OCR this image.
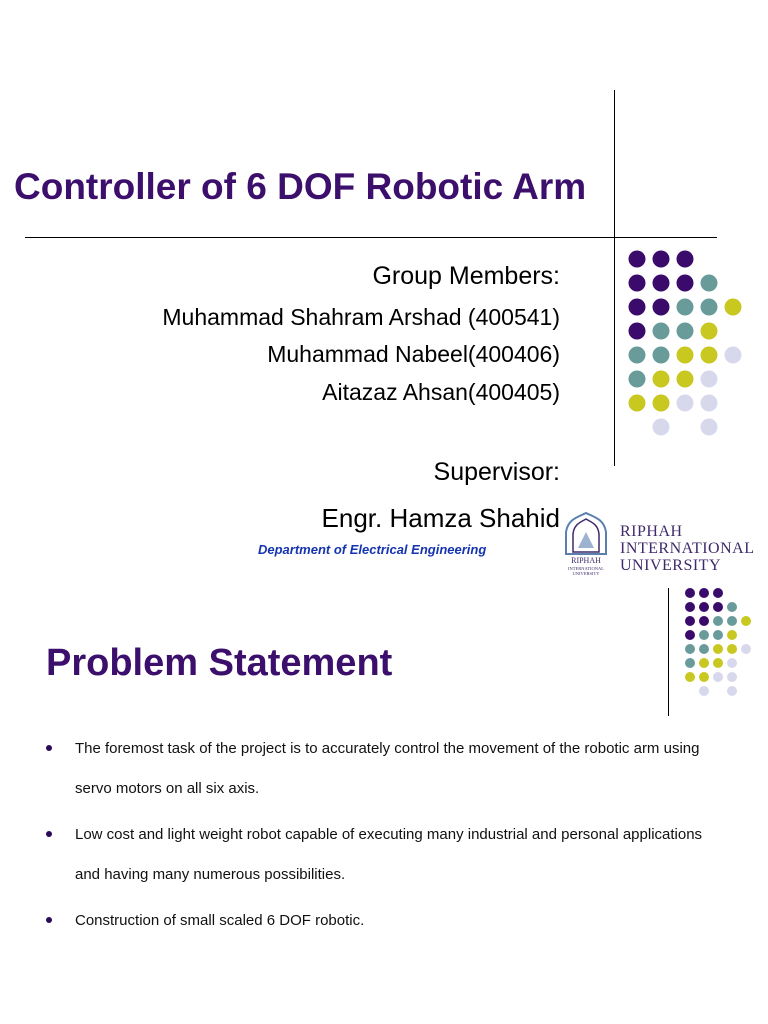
Controller of 6 DOF Robotic Arm
Group Members:
Muhammad Shahram Arshad (400541)
Muhammad Nabeel(400406)
Aitazaz Ahsan(400405)
Supervisor:
Engr. Hamza Shahid
Department of Electrical Engineering
RIPHAH
INTERNATIONAL
UNIVERSITY
RIPHAH
INTERNATIONAL
UNIVERSITY
Problem Statement
The foremost task of the project is to accurately control the movement of the robotic arm using servo motors on all six axis.
Low cost and light weight robot capable of executing many industrial and personal applications and having many numerous possibilities.
Construction of small scaled 6 DOF robotic.
